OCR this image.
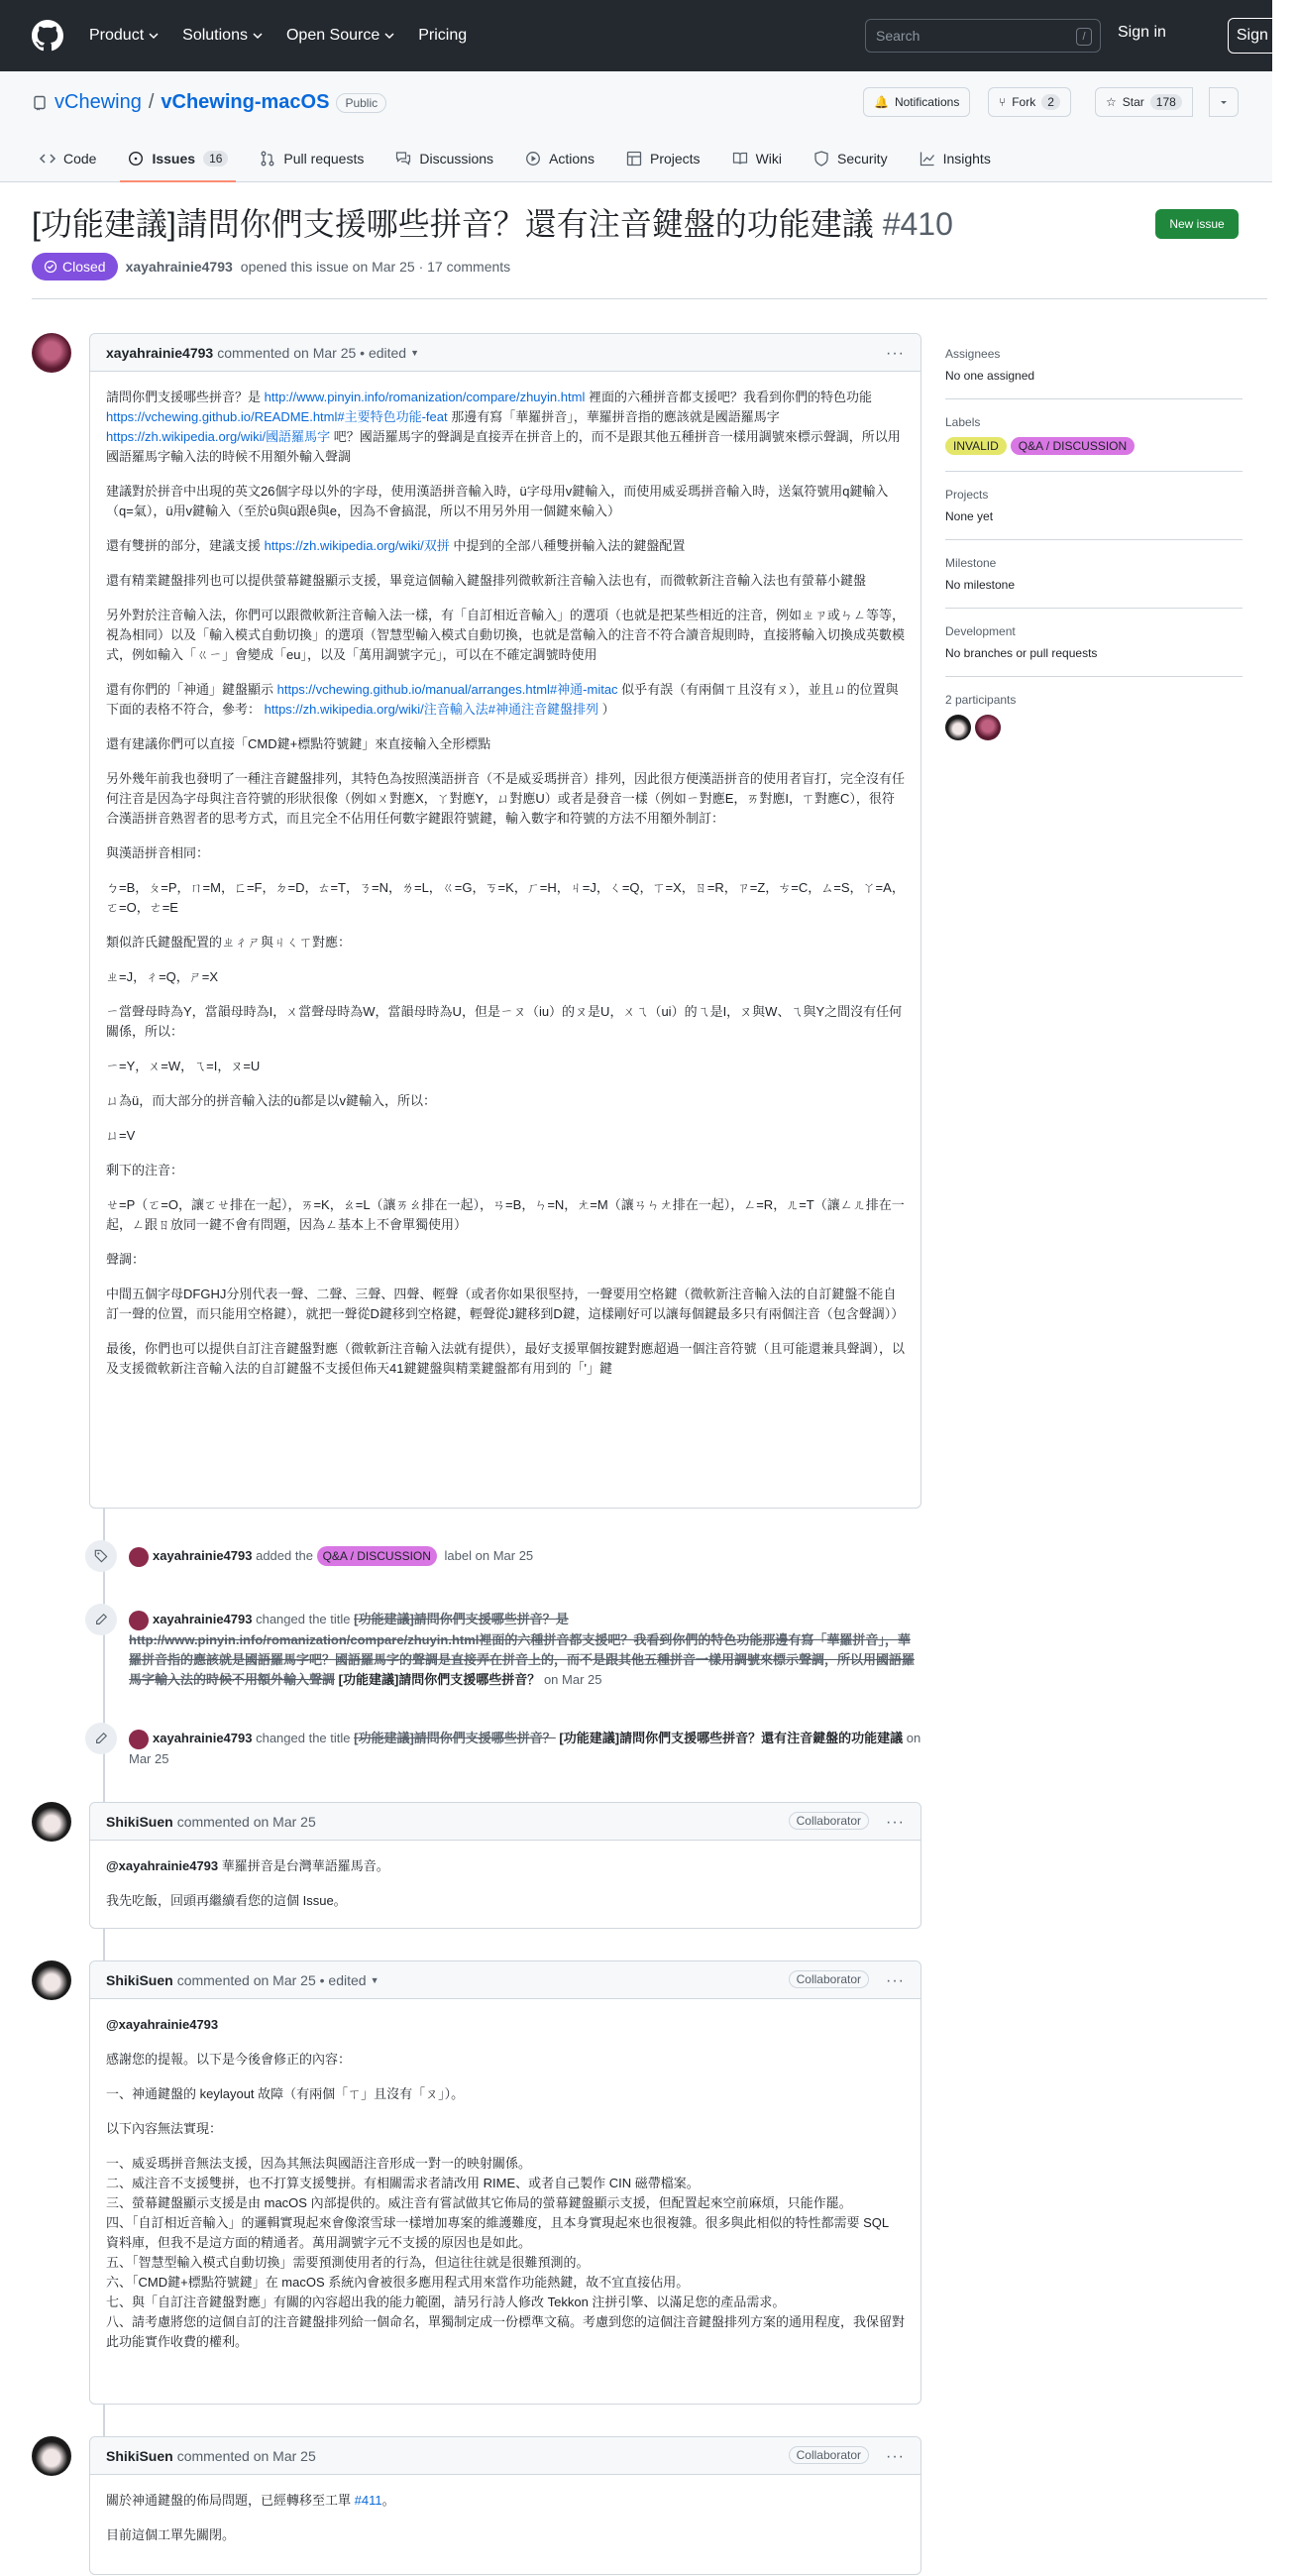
Product Solutions Open Source Pricing	Search	/	Sign in	Sign up
vChewing / vChewing-macOS	Public	🔔 Notifications	⑂ Fork	2	☆ Star	178
Code	Issues	16	Pull requests	Discussions	Actions	Projects	Wiki	Security	Insights
[功能建議]請問你們支援哪些拼音？還有注音鍵盤的功能建議 #410	New issue
Closed xayahrainie4793 opened this issue on Mar 25 · 17 comments
xayahrainie4793 commented on Mar 25 • edited ▼	···

請問你們支援哪些拼音？是 http://www.pinyin.info/romanization/compare/zhuyin.html 裡面的六種拼音都支援吧？我看到你們的特色功能 https://vchewing.github.io/README.html#主要特色功能-feat 那邊有寫「華羅拼音」，華羅拼音指的應該就是國語羅馬字 https://zh.wikipedia.org/wiki/國語羅馬字 吧？國語羅馬字的聲調是直接弄在拼音上的，而不是跟其他五種拼音一樣用調號來標示聲調，所以用國語羅馬字輸入法的時候不用額外輸入聲調

建議對於拼音中出現的英文26個字母以外的字母，使用漢語拼音輸入時，ü字母用v鍵輸入，而使用威妥瑪拼音輸入時，送氣符號用q鍵輸入（q=氣），ü用v鍵輸入（至於ü與ü跟ê與e，因為不會搞混，所以不用另外用一個鍵來輸入）

還有雙拼的部分，建議支援 https://zh.wikipedia.org/wiki/双拼 中提到的全部八種雙拼輸入法的鍵盤配置

還有精業鍵盤排列也可以提供螢幕鍵盤顯示支援，畢竟這個輸入鍵盤排列微軟新注音輸入法也有，而微軟新注音輸入法也有螢幕小鍵盤

另外對於注音輸入法，你們可以跟微軟新注音輸入法一樣，有「自訂相近音輸入」的選項（也就是把某些相近的注音，例如ㄓㄗ或ㄣㄥ等等，視為相同）以及「輸入模式自動切換」的選項（智慧型輸入模式自動切換，也就是當輸入的注音不符合讀音規則時，直接將輸入切換成英數模式，例如輸入「ㄍㄧ」會變成「eu」，以及「萬用調號字元」，可以在不確定調號時使用

還有你們的「神通」鍵盤顯示 https://vchewing.github.io/manual/arranges.html#神通-mitac 似乎有誤（有兩個ㄒ且沒有ㄡ），並且ㄩ的位置與下面的表格不符合，參考： https://zh.wikipedia.org/wiki/注音輸入法#神通注音鍵盤排列 ）

還有建議你們可以直接「CMD鍵+標點符號鍵」來直接輸入全形標點

另外幾年前我也發明了一種注音鍵盤排列，其特色為按照漢語拼音（不是威妥瑪拼音）排列，因此很方便漢語拼音的使用者盲打，完全沒有任何注音是因為字母與注音符號的形狀很像（例如ㄨ對應X，ㄚ對應Y，ㄩ對應U）或者是發音一樣（例如ㄧ對應E，ㄞ對應I，ㄒ對應C），很符合漢語拼音熟習者的思考方式，而且完全不佔用任何數字鍵跟符號鍵，輸入數字和符號的方法不用額外制訂：

與漢語拼音相同：

ㄅ=B，ㄆ=P，ㄇ=M，ㄈ=F，ㄉ=D，ㄊ=T，ㄋ=N，ㄌ=L，ㄍ=G，ㄎ=K，ㄏ=H，ㄐ=J，ㄑ=Q，ㄒ=X，ㄖ=R，ㄗ=Z，ㄘ=C，ㄙ=S，ㄚ=A，ㄛ=O，ㄜ=E

類似許氏鍵盤配置的ㄓㄔㄕ與ㄐㄑㄒ對應：

ㄓ=J，ㄔ=Q，ㄕ=X

ㄧ當聲母時為Y，當韻母時為I，ㄨ當聲母時為W，當韻母時為U，但是ㄧㄡ（iu）的ㄡ是U，ㄨㄟ（ui）的ㄟ是I，ㄡ與W、ㄟ與Y之間沒有任何關係，所以：

ㄧ=Y，ㄨ=W，ㄟ=I，ㄡ=U

ㄩ為ü，而大部分的拼音輸入法的ü都是以v鍵輸入，所以：

ㄩ=V

剩下的注音：

ㄝ=P（ㄛ=O，讓ㄛㄝ排在一起），ㄞ=K，ㄠ=L（讓ㄞㄠ排在一起），ㄢ=B，ㄣ=N，ㄤ=M（讓ㄢㄣㄤ排在一起），ㄥ=R，ㄦ=T（讓ㄥㄦ排在一起，ㄥ跟ㄖ放同一鍵不會有問題，因為ㄥ基本上不會單獨使用）

聲調：

中間五個字母DFGHJ分別代表一聲、二聲、三聲、四聲、輕聲（或者你如果很堅持，一聲要用空格鍵（微軟新注音輸入法的自訂鍵盤不能自訂一聲的位置，而只能用空格鍵），就把一聲從D鍵移到空格鍵，輕聲從J鍵移到D鍵，這樣剛好可以讓每個鍵最多只有兩個注音（包含聲調））

最後，你們也可以提供自訂注音鍵盤對應（微軟新注音輸入法就有提供），最好支援單個按鍵對應超過一個注音符號（且可能還兼具聲調），以及支援微軟新注音輸入法的自訂鍵盤不支援但佈天41鍵鍵盤與精業鍵盤都有用到的「'」鍵

xayahrainie4793 added the Q&A / DISCUSSION label on Mar 25
xayahrainie4793 changed the title [功能建議]請問你們支援哪些拼音？是 http://www.pinyin.info/romanization/compare/zhuyin.html裡面的六種拼音都支援吧？我看到你們的特色功能那邊有寫「華羅拼音」，華羅拼音指的應該就是國語羅馬字吧？國語羅馬字的聲調是直接弄在拼音上的，而不是跟其他五種拼音一樣用調號來標示聲調，所以用國語羅馬字輸入法的時候不用額外輸入聲調 [功能建議]請問你們支援哪些拼音？ on Mar 25
xayahrainie4793 changed the title [功能建議]請問你們支援哪些拼音？ [功能建議]請問你們支援哪些拼音？還有注音鍵盤的功能建議 on Mar 25
ShikiSuen commented on Mar 25	Collaborator	···

@xayahrainie4793 華羅拼音是台灣華語羅馬音。

我先吃飯，回頭再繼續看您的這個 Issue。

ShikiSuen commented on Mar 25 • edited ▼	Collaborator	···

@xayahrainie4793

感謝您的提報。以下是今後會修正的內容：

一、神通鍵盤的 keylayout 故障（有兩個「ㄒ」且沒有「ㄡ」）。

以下內容無法實現：

一、威妥瑪拼音無法支援，因為其無法與國語注音形成一對一的映射關係。
二、威注音不支援雙拼，也不打算支援雙拼。有相關需求者請改用 RIME、或者自己製作 CIN 磁帶檔案。
三、螢幕鍵盤顯示支援是由 macOS 內部提供的。威注音有嘗試做其它佈局的螢幕鍵盤顯示支援，但配置起來空前麻煩，只能作罷。
四、「自訂相近音輸入」的邏輯實現起來會像滾雪球一樣增加專案的維護難度，且本身實現起來也很複雜。很多與此相似的特性都需要 SQL 資料庫，但我不是這方面的精通者。萬用調號字元不支援的原因也是如此。
五、「智慧型輸入模式自動切換」需要預測使用者的行為，但這往往就是很難預測的。
六、「CMD鍵+標點符號鍵」在 macOS 系統內會被很多應用程式用來當作功能熱鍵，故不宜直接佔用。
七、與「自訂注音鍵盤對應」有關的內容超出我的能力範圍，請另行詩人修改 Tekkon 注拼引擎、以滿足您的產品需求。
八、請考慮將您的這個自訂的注音鍵盤排列給一個命名，單獨制定成一份標準文稿。考慮到您的這個注音鍵盤排列方案的通用程度，我保留對此功能實作收費的權利。
ShikiSuen commented on Mar 25	Collaborator	···

關於神通鍵盤的佈局問題，已經轉移至工單 #411。

目前這個工單先關閉。

Assignees
No one assigned
Labels
INVALID Q&A / DISCUSSION
Projects
None yet
Milestone
No milestone
Development
No branches or pull requests
2 participants
